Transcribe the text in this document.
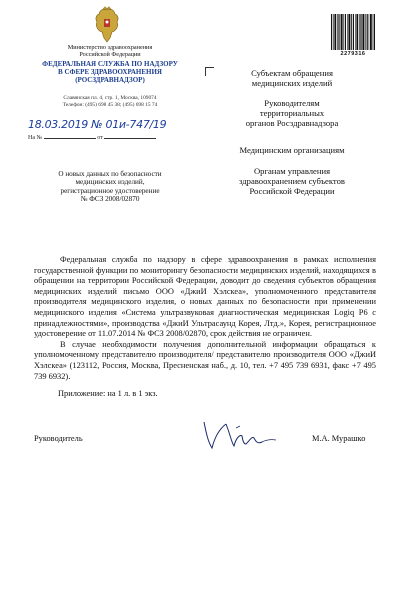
Министерство здравоохранения
Российской Федерации
ФЕДЕРАЛЬНАЯ СЛУЖБА ПО НАДЗОРУ
В СФЕРЕ ЗДРАВООХРАНЕНИЯ
(РОСЗДРАВНАДЗОР)
Славянская пл. 4, стр. 1, Москва, 109074
Телефон: (495) 698 45 38; (495) 698 15 74
18.03.2019 № 01и-747/19
На №	от
О новых данных по безопасности
медицинских изделий,
регистрационное удостоверение
№ ФСЗ 2008/02870
2279316
Субъектам обращения
медицинских изделий
Руководителям
территориальных
органов Росздравнадзора
Медицинским организациям
Органам управления
здравоохранением субъектов
Российской Федерации

Федеральная служба по надзору в сфере здравоохранения в рамках исполнения государственной функции по мониторингу безопасности медицинских изделий, находящихся в обращении на территории Российской Федерации, доводит до сведения субъектов обращения медицинских изделий письмо ООО «ДжиИ Хэлскеа», уполномоченного представителя производителя медицинского изделия, о новых данных по безопасности при применении медицинского изделия «Система ультразвуковая диагностическая медицинская Logiq P6 с принадлежностями», производства «ДжиИ Ультрасаунд Корея, Лтд.», Корея, регистрационное удостоверение от 11.07.2014 № ФСЗ 2008/02870, срок действия не ограничен.

В случае необходимости получения дополнительной информации обращаться к уполномоченному представителю производителя/ представителю производителя ООО «ДжиИ Хэлскеа» (123112, Россия, Москва, Пресненская наб., д. 10, тел. +7 495 739 6931, факс +7 495 739 6932).

Приложение: на 1 л. в 1 экз.
Руководитель	М.А. Мурашко
